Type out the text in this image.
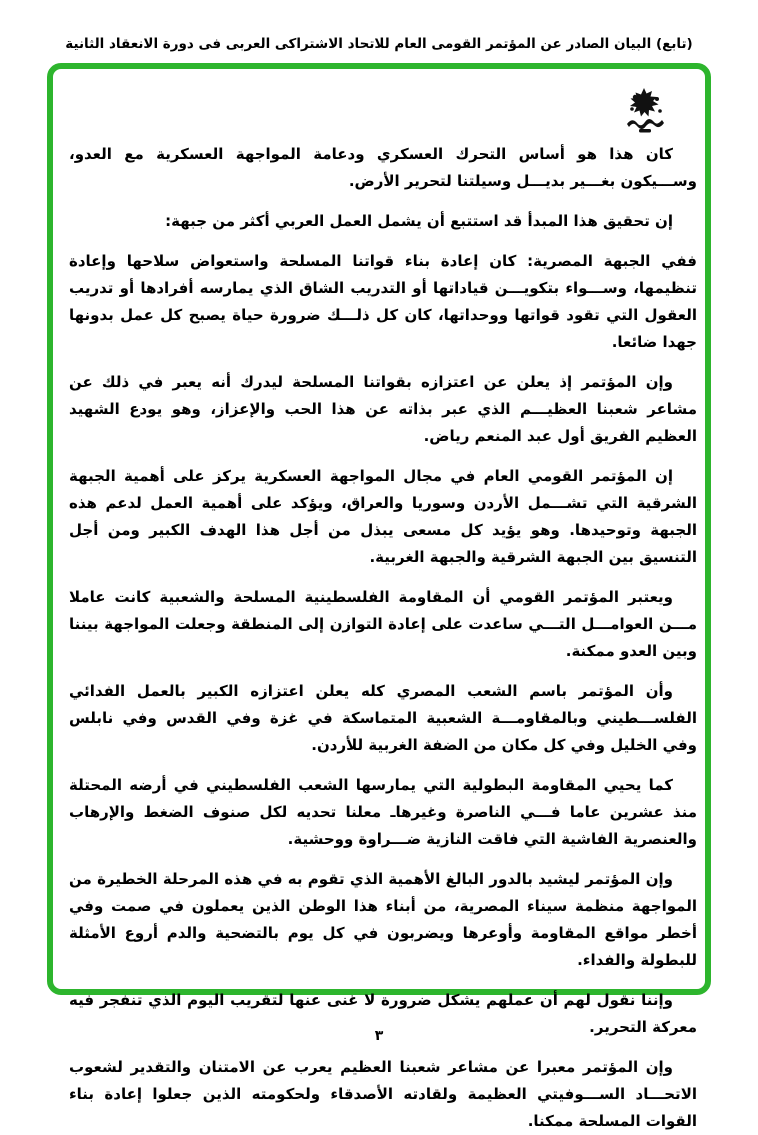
(تابع) البيان الصادر عن المؤتمر القومى العام للاتحاد الاشتراكى العربى فى دورة الانعقاد الثانية

كان هذا هو أساس التحرك العسكري ودعامة المواجهة العسكرية مع العدو، وســـيكون بغـــير بديـــل وسيلتنا لتحرير الأرض.

إن تحقيق هذا المبدأ قد استتبع أن يشمل العمل العربي أكثر من جبهة:

ففي الجبهة المصرية: كان إعادة بناء قواتنا المسلحة واستعواض سلاحها وإعادة تنظيمها، وســـواء بتكويـــن قياداتها أو التدريب الشاق الذي يمارسه أفرادها أو تدريب العقول التي تقود قواتها ووحداتها، كان كل ذلـــك ضرورة حياة يصبح كل عمل بدونها جهدا ضائعا.

وإن المؤتمر إذ يعلن عن اعتزازه بقواتنا المسلحة ليدرك أنه يعبر في ذلك عن مشاعر شعبنا العظيـــم الذي عبر بذاته عن هذا الحب والإعزاز، وهو يودع الشهيد العظيم الفريق أول عبد المنعم رياض.

إن المؤتمر القومي العام في مجال المواجهة العسكرية يركز على أهمية الجبهة الشرقية التي تشـــمل الأردن وسوريا والعراق، ويؤكد على أهمية العمل لدعم هذه الجبهة وتوحيدها. وهو يؤيد كل مسعى يبذل من أجل هذا الهدف الكبير ومن أجل التنسيق بين الجبهة الشرقية والجبهة الغربية.

ويعتبر المؤتمر القومي أن المقاومة الفلسطينية المسلحة والشعبية كانت عاملا مـــن العوامـــل التـــي ساعدت على إعادة التوازن إلى المنطقة وجعلت المواجهة بيننا وبين العدو ممكنة.

وأن المؤتمر باسم الشعب المصري كله يعلن اعتزازه الكبير بالعمل الفدائي الفلســـطيني وبالمقاومـــة الشعبية المتماسكة في غزة وفي القدس وفي نابلس وفي الخليل وفي كل مكان من الضفة الغربية للأردن.

كما يحيي المقاومة البطولية التي يمارسها الشعب الفلسطيني في أرضه المحتلة منذ عشرين عاما فـــي الناصرة وغيرهاـ معلنا تحديه لكل صنوف الضغط والإرهاب والعنصرية الفاشية التي فاقت النازية ضـــراوة ووحشية.

وإن المؤتمر ليشيد بالدور البالغ الأهمية الذي تقوم به في هذه المرحلة الخطيرة من المواجهة منظمة سيناء المصرية، من أبناء هذا الوطن الذين يعملون في صمت وفي أخطر مواقع المقاومة وأوعرها ويضربون في كل يوم بالتضحية والدم أروع الأمثلة للبطولة والفداء.

وإننا نقول لهم أن عملهم يشكل ضرورة لا غنى عنها لتقريب اليوم الذي تنفجر فيه معركة التحرير.

وإن المؤتمر معبرا عن مشاعر شعبنا العظيم يعرب عن الامتنان والتقدير لشعوب الاتحـــاد الســـوفيتي العظيمة ولقادته الأصدقاء ولحكومته الذين جعلوا إعادة بناء القوات المسلحة ممكنا.

٣
